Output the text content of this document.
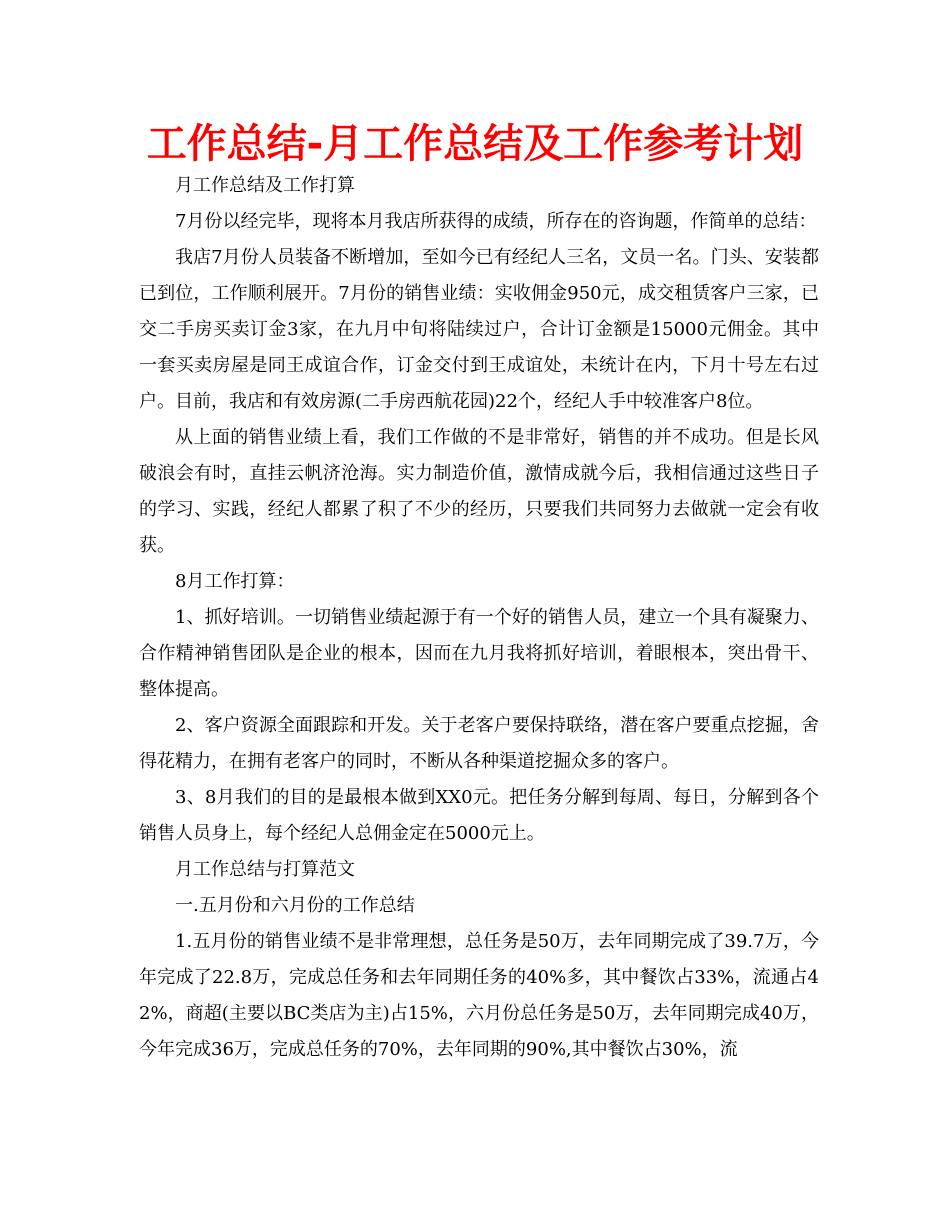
工作总结-月工作总结及工作参考计划

月工作总结及工作打算

7月份以经完毕，现将本月我店所获得的成绩，所存在的咨询题，作简单的总结：

我店7月份人员装备不断增加，至如今已有经纪人三名，文员一名。门头、安装都已到位，工作顺利展开。7月份的销售业绩：实收佣金950元，成交租赁客户三家，已交二手房买卖订金3家，在九月中旬将陆续过户，合计订金额是15000元佣金。其中一套买卖房屋是同王成谊合作，订金交付到王成谊处，未统计在内，下月十号左右过户。目前，我店和有效房源(二手房西航花园)22个，经纪人手中较准客户8位。

从上面的销售业绩上看，我们工作做的不是非常好，销售的并不成功。但是长风破浪会有时，直挂云帆济沧海。实力制造价值，激情成就今后，我相信通过这些日子的学习、实践，经纪人都累了积了不少的经历，只要我们共同努力去做就一定会有收获。

8月工作打算：

1、抓好培训。一切销售业绩起源于有一个好的销售人员，建立一个具有凝聚力、合作精神销售团队是企业的根本，因而在九月我将抓好培训，着眼根本，突出骨干、整体提高。

2、客户资源全面跟踪和开发。关于老客户要保持联络，潜在客户要重点挖掘，舍得花精力，在拥有老客户的同时，不断从各种渠道挖掘众多的客户。

3、8月我们的目的是最根本做到XX0元。把任务分解到每周、每日，分解到各个销售人员身上，每个经纪人总佣金定在5000元上。

月工作总结与打算范文

一.五月份和六月份的工作总结

1.五月份的销售业绩不是非常理想，总任务是50万，去年同期完成了39.7万，今年完成了22.8万，完成总任务和去年同期任务的40%多，其中餐饮占33%，流通占42%，商超(主要以BC类店为主)占15%，六月份总任务是50万，去年同期完成40万，今年完成36万，完成总任务的70%，去年同期的90%,其中餐饮占30%，流
